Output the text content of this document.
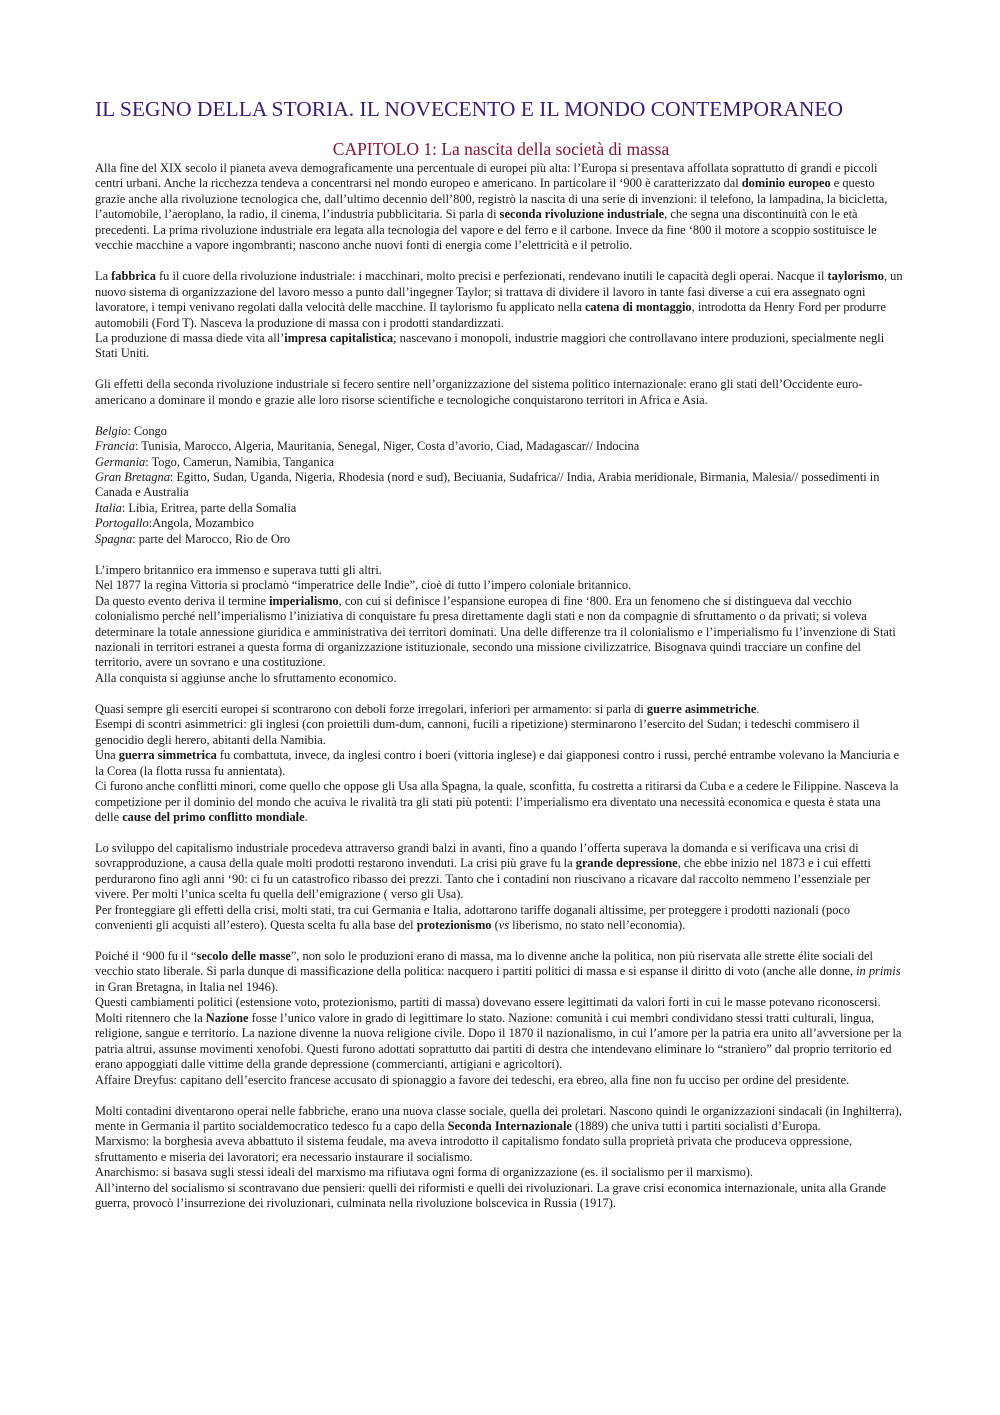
IL SEGNO DELLA STORIA. IL NOVECENTO E IL MONDO CONTEMPORANEO
CAPITOLO 1: La nascita della società di massa

Alla fine del XIX secolo il pianeta aveva demograficamente una percentuale di europei più alta: l’Europa si presentava affollata soprattutto di grandi e piccoli centri urbani. Anche la ricchezza tendeva a concentrarsi nel mondo europeo e americano. In particolare il ‘900 è caratterizzato dal dominio europeo e questo grazie anche alla rivoluzione tecnologica che, dall’ultimo decennio dell’800, registrò la nascita di una serie di invenzioni: il telefono, la lampadina, la bicicletta, l’automobile, l’aeroplano, la radio, il cinema, l’industria pubblicitaria. Si parla di seconda rivoluzione industriale, che segna una discontinuità con le età precedenti. La prima rivoluzione industriale era legata alla tecnologia del vapore e del ferro e il carbone. Invece da fine ‘800 il motore a scoppio sostituisce le vecchie macchine a vapore ingombranti; nascono anche nuovi fonti di energia come l’elettricità e il petrolio.

La fabbrica fu il cuore della rivoluzione industriale: i macchinari, molto precisi e perfezionati, rendevano inutili le capacità degli operai. Nacque il taylorismo, un nuovo sistema di organizzazione del lavoro messo a punto dall’ingegner Taylor; si trattava di dividere il lavoro in tante fasi diverse a cui era assegnato ogni lavoratore, i tempi venivano regolati dalla velocità delle macchine. Il taylorismo fu applicato nella catena di montaggio, introdotta da Henry Ford per produrre automobili (Ford T). Nasceva la produzione di massa con i prodotti standardizzati.

La produzione di massa diede vita all’impresa capitalistica; nascevano i monopoli, industrie maggiori che controllavano intere produzioni, specialmente negli Stati Uniti.

Gli effetti della seconda rivoluzione industriale si fecero sentire nell’organizzazione del sistema politico internazionale: erano gli stati dell’Occidente euro-americano a dominare il mondo e grazie alle loro risorse scientifiche e tecnologiche conquistarono territori in Africa e Asia.

Belgio: Congo

Francia: Tunisia, Marocco, Algeria, Mauritania, Senegal, Niger, Costa d’avorio, Ciad, Madagascar// Indocina

Germania: Togo, Camerun, Namibia, Tanganica

Gran Bretagna: Egitto, Sudan, Uganda, Nigeria, Rhodesia (nord e sud), Beciuania, Sudafrica// India, Arabia meridionale, Birmania, Malesia// possedimenti in Canada e Australia

Italia: Libia, Eritrea, parte della Somalia

Portogallo:Angola, Mozambico

Spagna: parte del Marocco, Rio de Oro

L’impero britannico era immenso e superava tutti gli altri.

Nel 1877 la regina Vittoria si proclamò “imperatrice delle Indie”, cioè di tutto l’impero coloniale britannico.

Da questo evento deriva il termine imperialismo, con cui si definisce l’espansione europea di fine ‘800. Era un fenomeno che si distingueva dal vecchio colonialismo perché nell’imperialismo l’iniziativa di conquistare fu presa direttamente dagli stati e non da compagnie di sfruttamento o da privati; si voleva determinare la totale annessione giuridica e amministrativa dei territori dominati. Una delle differenze tra il colonialismo e l’imperialismo fu l’invenzione di Stati nazionali in territori estranei a questa forma di organizzazione istituzionale, secondo una missione civilizzatrice. Bisognava quindi tracciare un confine del territorio, avere un sovrano e una costituzione.

Alla conquista si aggiunse anche lo sfruttamento economico.

Quasi sempre gli eserciti europei si scontrarono con deboli forze irregolari, inferiori per armamento: si parla di guerre asimmetriche.

Esempi di scontri asimmetrici: gli inglesi (con proiettili dum-dum, cannoni, fucili a ripetizione) sterminarono l’esercito del Sudan; i tedeschi commisero il genocidio degli herero, abitanti della Namibia.

Una guerra simmetrica fu combattuta, invece, da inglesi contro i boeri (vittoria inglese) e dai giapponesi contro i russi, perché entrambe volevano la Manciuria e la Corea (la flotta russa fu annientata).

Ci furono anche conflitti minori, come quello che oppose gli Usa alla Spagna, la quale, sconfitta, fu costretta a ritirarsi da Cuba e a cedere le Filippine. Nasceva la competizione per il dominio del mondo che acuiva le rivalità tra gli stati più potenti: l’imperialismo era diventato una necessità economica e questa è stata una delle cause del primo conflitto mondiale.

Lo sviluppo del capitalismo industriale procedeva attraverso grandi balzi in avanti, fino a quando l’offerta superava la domanda e si verificava una crisi di sovrapproduzione, a causa della quale molti prodotti restarono invenduti. La crisi più grave fu la grande depressione, che ebbe inizio nel 1873 e i cui effetti perdurarono fino agli anni ‘90: ci fu un catastrofico ribasso dei prezzi. Tanto che i contadini non riuscivano a ricavare dal raccolto nemmeno l’essenziale per vivere. Per molti l’unica scelta fu quella dell’emigrazione ( verso gli Usa).

Per fronteggiare gli effetti della crisi, molti stati, tra cui Germania e Italia, adottarono tariffe doganali altissime, per proteggere i prodotti nazionali (poco convenienti gli acquisti all’estero). Questa scelta fu alla base del protezionismo (vs liberismo, no stato nell’economia).

Poiché il ‘900 fu il “secolo delle masse”, non solo le produzioni erano di massa, ma lo divenne anche la politica, non più riservata alle strette élite sociali del vecchio stato liberale. Si parla dunque di massificazione della politica: nacquero i partiti politici di massa e si espanse il diritto di voto (anche alle donne, in primis in Gran Bretagna, in Italia nel 1946).

Questi cambiamenti politici (estensione voto, protezionismo, partiti di massa) dovevano essere legittimati da valori forti in cui le masse potevano riconoscersi. Molti ritennero che la Nazione fosse l’unico valore in grado di legittimare lo stato. Nazione: comunità i cui membri condividano stessi tratti culturali, lingua, religione, sangue e territorio. La nazione divenne la nuova religione civile. Dopo il 1870 il nazionalismo, in cui l’amore per la patria era unito all’avversione per la patria altrui, assunse movimenti xenofobi. Questi furono adottati soprattutto dai partiti di destra che intendevano eliminare lo “straniero” dal proprio territorio ed erano appoggiati dalle vittime della grande depressione (commercianti, artigiani e agricoltori).

Affaire Dreyfus: capitano dell’esercito francese accusato di spionaggio a favore dei tedeschi, era ebreo, alla fine non fu ucciso per ordine del presidente.

Molti contadini diventarono operai nelle fabbriche, erano una nuova classe sociale, quella dei proletari. Nascono quindi le organizzazioni sindacali (in Inghilterra), mente in Germania il partito socialdemocratico tedesco fu a capo della Seconda Internazionale (1889) che univa tutti i partiti socialisti d’Europa.

Marxismo: la borghesia aveva abbattuto il sistema feudale, ma aveva introdotto il capitalismo fondato sulla proprietà privata che produceva oppressione, sfruttamento e miseria dei lavoratori; era necessario instaurare il socialismo.

Anarchismo: si basava sugli stessi ideali del marxismo ma rifiutava ogni forma di organizzazione (es. il socialismo per il marxismo).

All’interno del socialismo si scontravano due pensieri: quelli dei riformisti e quelli dei rivoluzionari. La grave crisi economica internazionale, unita alla Grande guerra, provocò l’insurrezione dei rivoluzionari, culminata nella rivoluzione bolscevica in Russia (1917).
